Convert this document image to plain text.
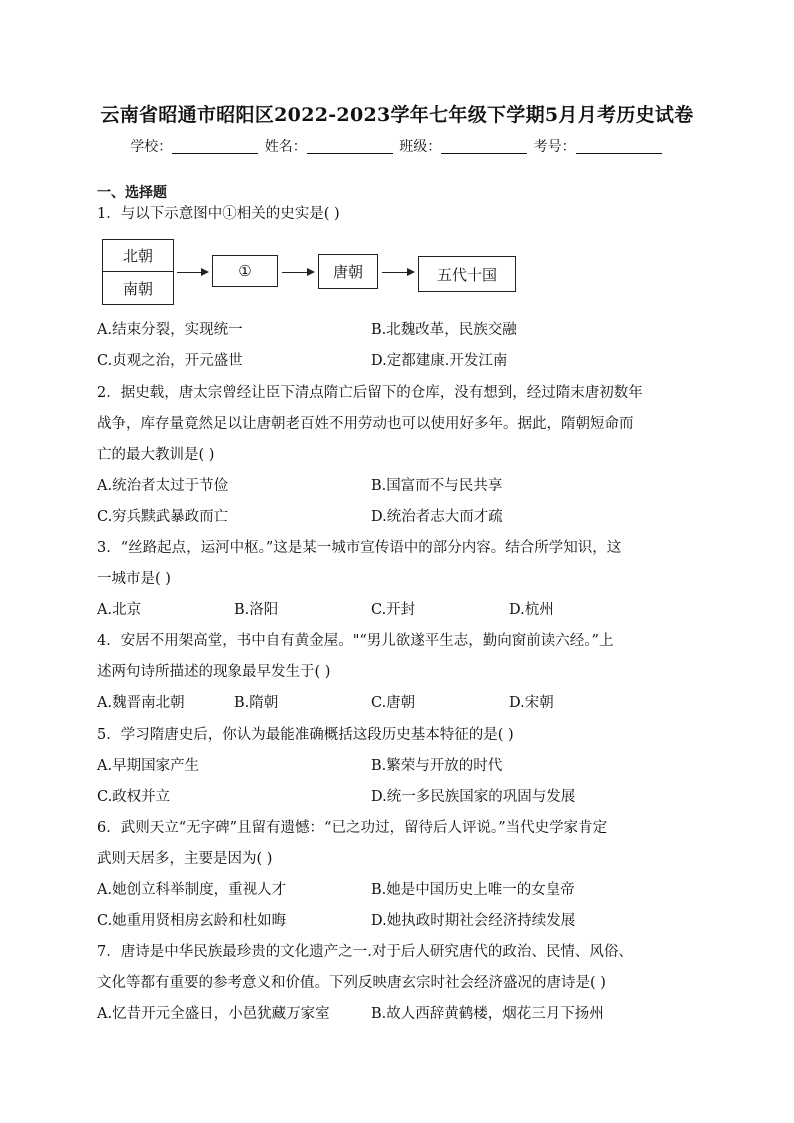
云南省昭通市昭阳区2022-2023学年七年级下学期5月月考历史试卷
学校：	姓名：	班级：	考号：
一、选择题
1．与以下示意图中①相关的史实是( )
北朝
南朝
①	唐朝	五代十国
A.结束分裂，实现统一	B.北魏改革，民族交融
C.贞观之治，开元盛世	D.定都建康.开发江南
2．据史载，唐太宗曾经让臣下清点隋亡后留下的仓库，没有想到，经过隋末唐初数年
战争，库存量竟然足以让唐朝老百姓不用劳动也可以使用好多年。据此，隋朝短命而
亡的最大教训是( )
A.统治者太过于节俭	B.国富而不与民共享
C.穷兵黩武暴政而亡	D.统治者志大而才疏
3．“丝路起点，运河中枢。”这是某一城市宣传语中的部分内容。结合所学知识，这
一城市是( )
A.北京	B.洛阳	C.开封	D.杭州
4．安居不用架高堂，书中自有黄金屋。"“男儿欲遂平生志，勤向窗前读六经。”上
述两句诗所描述的现象最早发生于( )
A.魏晋南北朝	B.隋朝	C.唐朝	D.宋朝
5．学习隋唐史后，你认为最能准确概括这段历史基本特征的是( )
A.早期国家产生	B.繁荣与开放的时代
C.政权并立	D.统一多民族国家的巩固与发展
6．武则天立“无字碑”且留有遗憾：“已之功过，留待后人评说。”当代史学家肯定
武则天居多，主要是因为( )
A.她创立科举制度，重视人才	B.她是中国历史上唯一的女皇帝
C.她重用贤相房玄龄和杜如晦	D.她执政时期社会经济持续发展
7．唐诗是中华民族最珍贵的文化遗产之一.对于后人研究唐代的政治、民情、风俗、
文化等都有重要的参考意义和价值。下列反映唐玄宗时社会经济盛况的唐诗是( )
A.忆昔开元全盛日，小邑犹藏万家室	B.故人西辞黄鹤楼，烟花三月下扬州
